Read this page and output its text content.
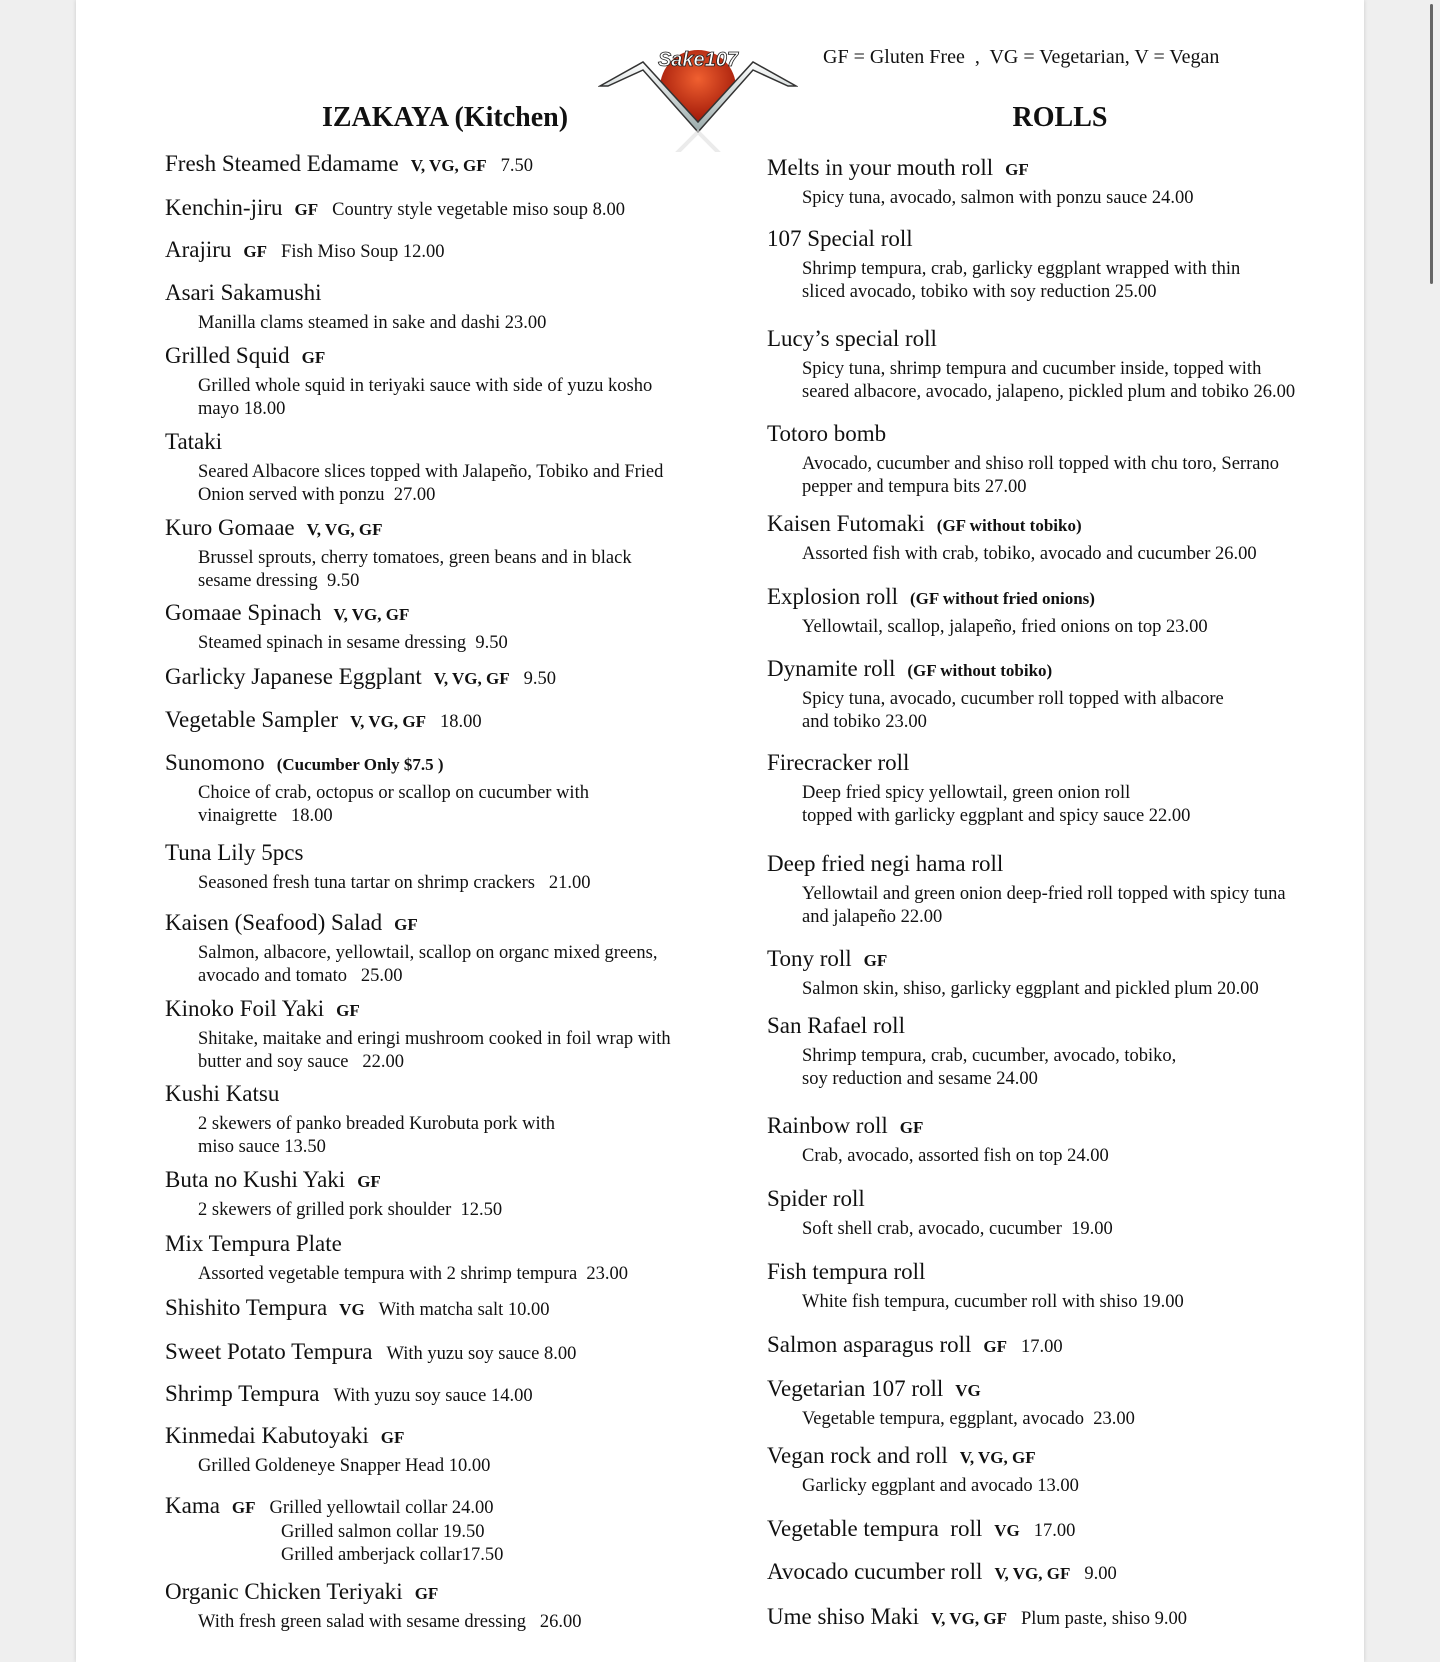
Sake107	GF = Gluten Free  ,  VG = Vegetarian, V = Vegan
IZAKAYA (Kitchen)	ROLLS
Fresh Steamed Edamame V, VG, GF 7.50
Kenchin-jiru GF Country style vegetable miso soup 8.00
Arajiru GF Fish Miso Soup 12.00
Asari Sakamushi
Manilla clams steamed in sake and dashi 23.00
Grilled Squid GF
Grilled whole squid in teriyaki sauce with side of yuzu kosho
mayo 18.00
Tataki
Seared Albacore slices topped with Jalapeño, Tobiko and Fried
Onion served with ponzu  27.00
Kuro Gomaae V, VG, GF
Brussel sprouts, cherry tomatoes, green beans and in black
sesame dressing  9.50
Gomaae Spinach V, VG, GF
Steamed spinach in sesame dressing  9.50
Garlicky Japanese Eggplant V, VG, GF 9.50
Vegetable Sampler V, VG, GF 18.00
Sunomono (Cucumber Only $7.5 )
Choice of crab, octopus or scallop on cucumber with
vinaigrette   18.00
Tuna Lily 5pcs
Seasoned fresh tuna tartar on shrimp crackers   21.00
Kaisen (Seafood) Salad GF
Salmon, albacore, yellowtail, scallop on organc mixed greens,
avocado and tomato   25.00
Kinoko Foil Yaki GF
Shitake, maitake and eringi mushroom cooked in foil wrap with
butter and soy sauce   22.00
Kushi Katsu
2 skewers of panko breaded Kurobuta pork with
miso sauce 13.50
Buta no Kushi Yaki GF
2 skewers of grilled pork shoulder  12.50
Mix Tempura Plate
Assorted vegetable tempura with 2 shrimp tempura  23.00
Shishito Tempura VG With matcha salt 10.00
Sweet Potato Tempura With yuzu soy sauce 8.00
Shrimp Tempura With yuzu soy sauce 14.00
Kinmedai Kabutoyaki GF
Grilled Goldeneye Snapper Head 10.00
Kama GF Grilled yellowtail collar 24.00
Grilled salmon collar 19.50
Grilled amberjack collar17.50
Organic Chicken Teriyaki GF
With fresh green salad with sesame dressing   26.00
Melts in your mouth roll GF
Spicy tuna, avocado, salmon with ponzu sauce 24.00
107 Special roll
Shrimp tempura, crab, garlicky eggplant wrapped with thin
sliced avocado, tobiko with soy reduction 25.00
Lucy’s special roll
Spicy tuna, shrimp tempura and cucumber inside, topped with
seared albacore, avocado, jalapeno, pickled plum and tobiko 26.00
Totoro bomb
Avocado, cucumber and shiso roll topped with chu toro, Serrano
pepper and tempura bits 27.00
Kaisen Futomaki (GF without tobiko)
Assorted fish with crab, tobiko, avocado and cucumber 26.00
Explosion roll (GF without fried onions)
Yellowtail, scallop, jalapeño, fried onions on top 23.00
Dynamite roll (GF without tobiko)
Spicy tuna, avocado, cucumber roll topped with albacore
and tobiko 23.00
Firecracker roll
Deep fried spicy yellowtail, green onion roll
topped with garlicky eggplant and spicy sauce 22.00
Deep fried negi hama roll
Yellowtail and green onion deep-fried roll topped with spicy tuna
and jalapeño 22.00
Tony roll GF
Salmon skin, shiso, garlicky eggplant and pickled plum 20.00
San Rafael roll
Shrimp tempura, crab, cucumber, avocado, tobiko,
soy reduction and sesame 24.00
Rainbow roll GF
Crab, avocado, assorted fish on top 24.00
Spider roll
Soft shell crab, avocado, cucumber  19.00
Fish tempura roll
White fish tempura, cucumber roll with shiso 19.00
Salmon asparagus roll GF 17.00
Vegetarian 107 roll VG
Vegetable tempura, eggplant, avocado  23.00
Vegan rock and roll V, VG, GF
Garlicky eggplant and avocado 13.00
Vegetable tempura  roll VG 17.00
Avocado cucumber roll V, VG, GF 9.00
Ume shiso Maki V, VG, GF Plum paste, shiso 9.00
